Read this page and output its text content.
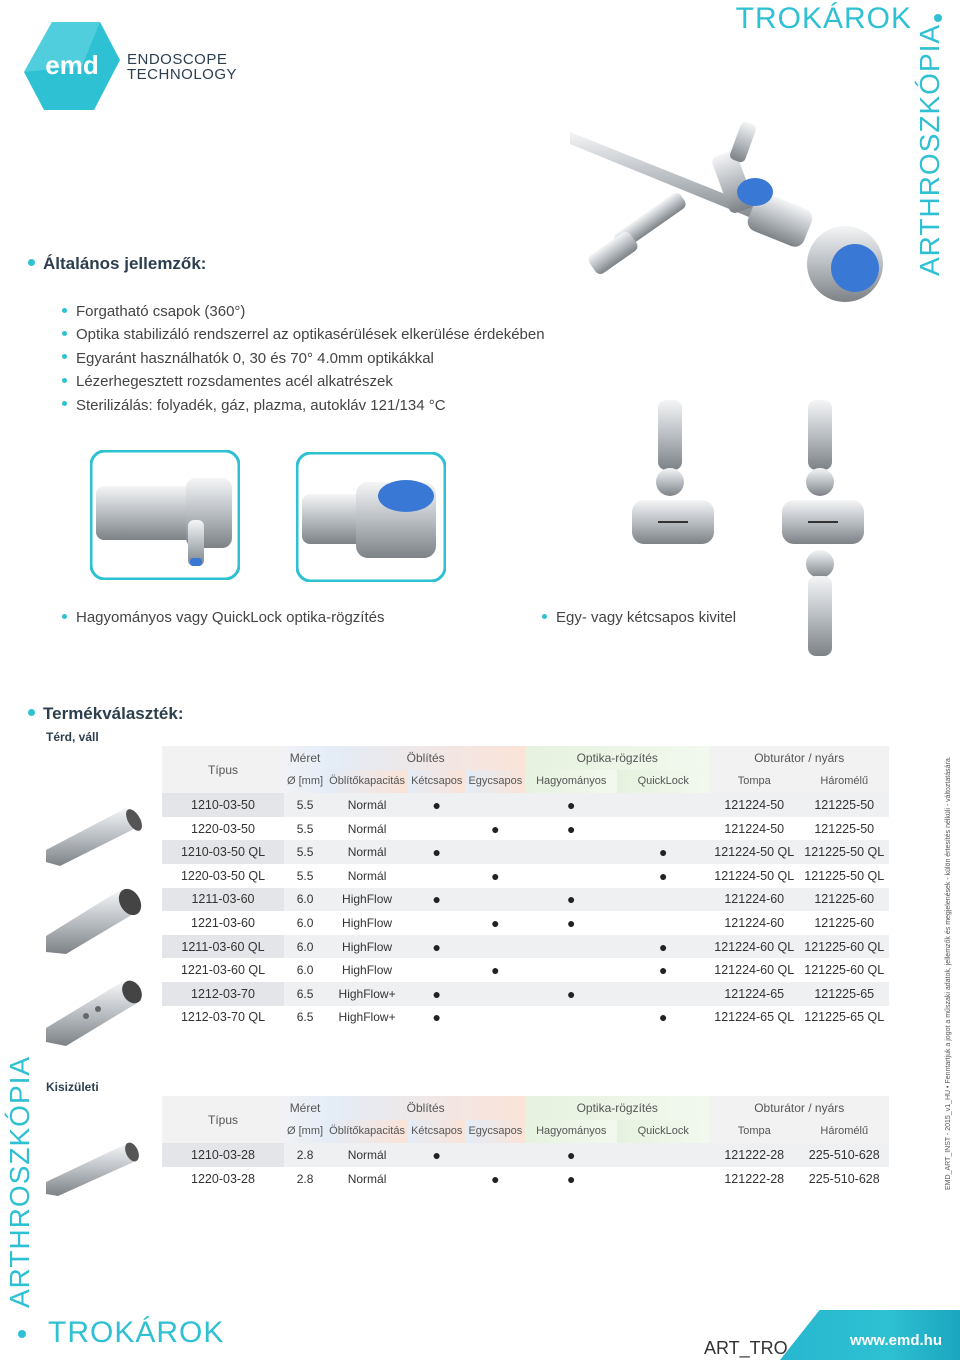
emd ENDOSCOPE
TECHNOLOGY
TROKÁROK
ARTHROSZKÓPIA
Általános jellemzők:
Forgatható csapok (360°)
Optika stabilizáló rendszerrel az optikasérülések elkerülése érdekében
Egyaránt használhatók 0, 30 és 70° 4.0mm optikákkal
Lézerhegesztett rozsdamentes acél alkatrészek
Sterilizálás: folyadék, gáz, plazma, autokláv 121/134 °C
Hagyományos vagy QuickLock optika-rögzítés	Egy- vagy kétcsapos kivitel
Termékválaszték:
Térd, váll
Kisizületi
Típus	Méret	Öblítés			Optika-rögzítés		Obturátor / nyárs	
	Ø [mm]	Öblítőkapacitás	Kétcsapos	Egycsapos	Hagyományos	QuickLock	Tompa	Háromélű
1210-03-50	5.5	Normál	●		●		121224-50	121225-50
1220-03-50	5.5	Normál		●	●		121224-50	121225-50
1210-03-50 QL	5.5	Normál	●			●	121224-50 QL	121225-50 QL
1220-03-50 QL	5.5	Normál		●		●	121224-50 QL	121225-50 QL
1211-03-60	6.0	HighFlow	●		●		121224-60	121225-60
1221-03-60	6.0	HighFlow		●	●		121224-60	121225-60
1211-03-60 QL	6.0	HighFlow	●			●	121224-60 QL	121225-60 QL
1221-03-60 QL	6.0	HighFlow		●		●	121224-60 QL	121225-60 QL
1212-03-70	6.5	HighFlow+	●		●		121224-65	121225-65
1212-03-70 QL	6.5	HighFlow+	●			●	121224-65 QL	121225-65 QL
Típus	Méret	Öblítés			Optika-rögzítés		Obturátor / nyárs	
	Ø [mm]	Öblítőkapacitás	Kétcsapos	Egycsapos	Hagyományos	QuickLock	Tompa	Háromélű
1210-03-28	2.8	Normál	●		●		121222-28	225-510-628
1220-03-28	2.8	Normál		●	●		121222-28	225-510-628
ARTHROSZKÓPIA
TROKÁROK
EMD_ART_INST - 2015_v1_HU • Fenntartjuk a jogot a műszaki adatok, jellemzők és megjelenések - külön értesítés nélküli - változtatására.
ART_TRO	www.emd.hu
